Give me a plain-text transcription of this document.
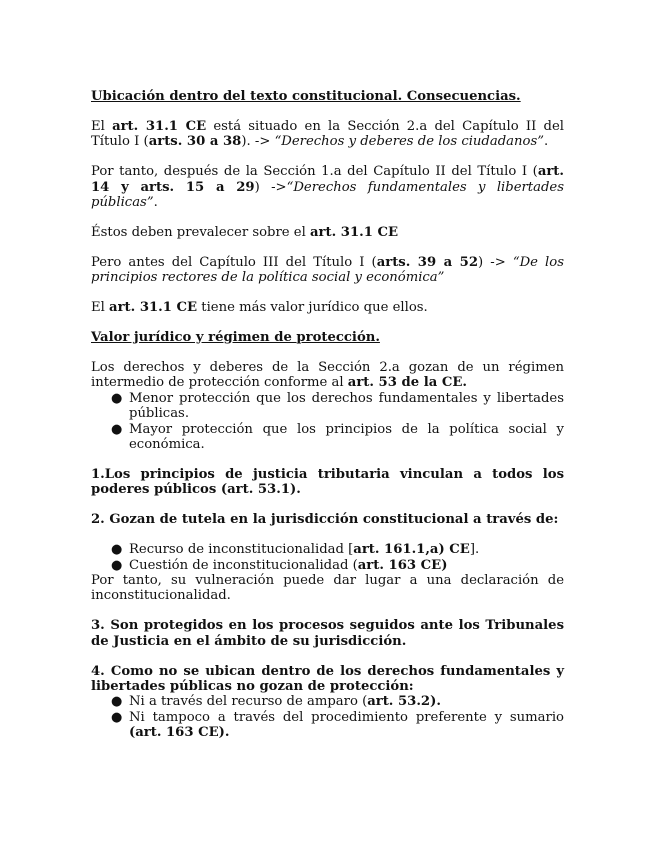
Ubicación dentro del texto constitucional. Consecuencias.

El art. 31.1 CE está situado en la Sección 2.a del Capítulo II del Título I (arts. 30 a 38). -> “Derechos y deberes de los ciudadanos”.

Por tanto, después de la Sección 1.a del Capítulo II del Título I (art. 14 y arts. 15 a 29) ->“Derechos fundamentales y libertades públicas”.

Éstos deben prevalecer sobre el art. 31.1 CE

Pero antes del Capítulo III del Título I (arts. 39 a 52) -> “De los principios rectores de la política social y económica”

El art. 31.1 CE tiene más valor jurídico que ellos.

Valor jurídico y régimen de protección.

Los derechos y deberes de la Sección 2.a gozan de un régimen intermedio de protección conforme al art. 53 de la CE.

● Menor protección que los derechos fundamentales y libertades públicas.
● Mayor protección que los principios de la política social y económica.

1.Los principios de justicia tributaria vinculan a todos los poderes públicos (art. 53.1).

2. Gozan de tutela en la jurisdicción constitucional a través de:

● Recurso de inconstitucionalidad [art. 161.1,a) CE].
● Cuestión de inconstitucionalidad (art. 163 CE)

Por tanto, su vulneración puede dar lugar a una declaración de inconstitucionalidad.

3. Son protegidos en los procesos seguidos ante los Tribunales de Justicia en el ámbito de su jurisdicción.

4. Como no se ubican dentro de los derechos fundamentales y libertades públicas no gozan de protección:

● Ni a través del recurso de amparo (art. 53.2).
● Ni tampoco a través del procedimiento preferente y sumario (art. 163 CE).
